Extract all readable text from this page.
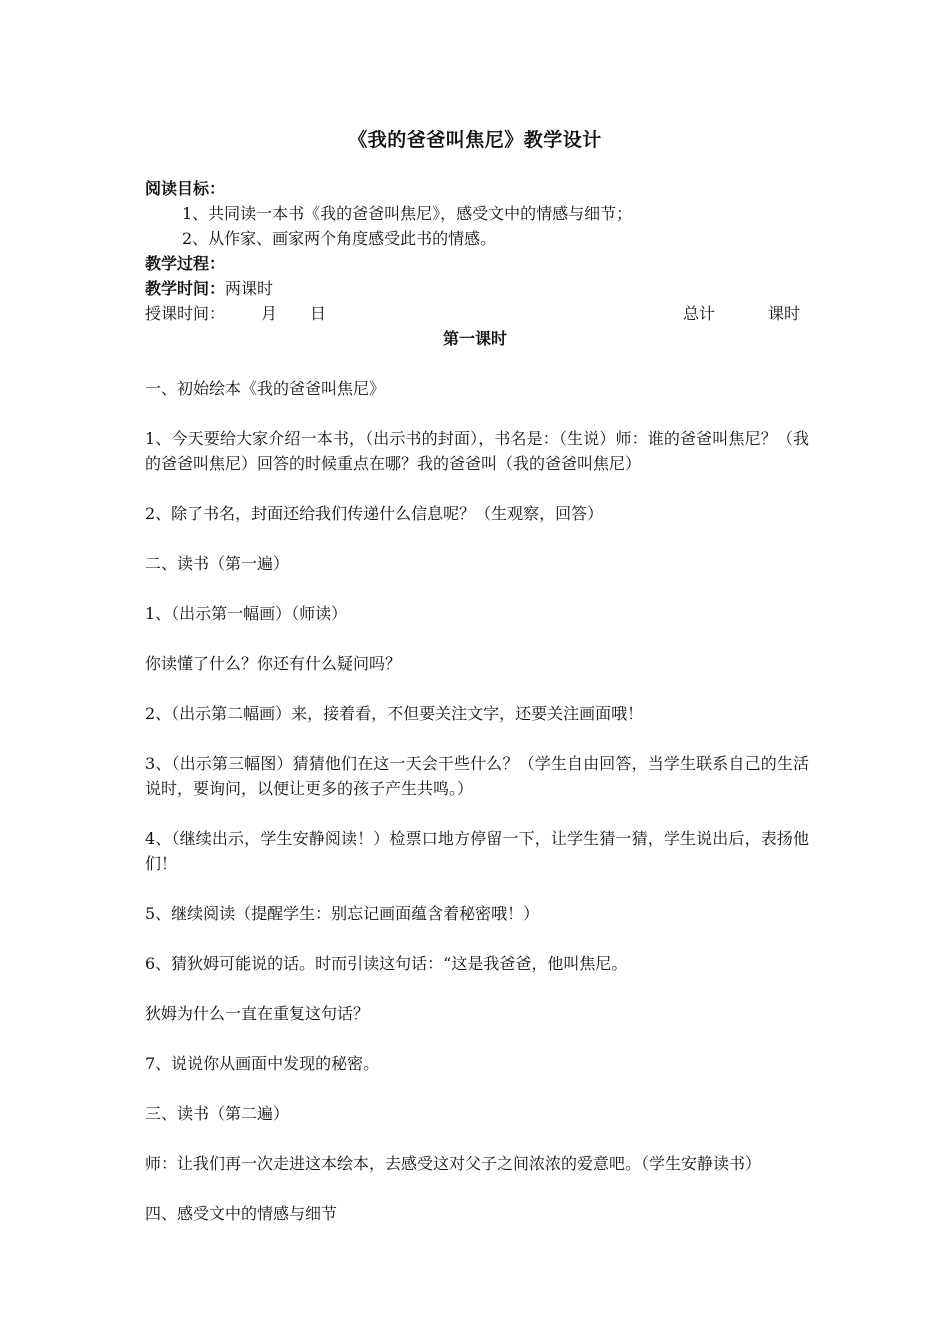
《我的爸爸叫焦尼》教学设计
阅读目标：
1、共同读一本书《我的爸爸叫焦尼》，感受文中的情感与细节；
2、从作家、画家两个角度感受此书的情感。
教学过程：
教学时间：两课时
授课时间： 月 日	总计	课时
第一课时
一、初始绘本《我的爸爸叫焦尼》
1、今天要给大家介绍一本书，（出示书的封面），书名是：（生说）师：谁的爸爸叫焦尼？（我的爸爸叫焦尼）回答的时候重点在哪？我的爸爸叫（我的爸爸叫焦尼）
2、除了书名，封面还给我们传递什么信息呢？（生观察，回答）
二、读书（第一遍）
1、（出示第一幅画）（师读）
你读懂了什么？你还有什么疑问吗？
2、（出示第二幅画）来，接着看，不但要关注文字，还要关注画面哦！
3、（出示第三幅图）猜猜他们在这一天会干些什么？（学生自由回答，当学生联系自己的生活说时，要询问，以便让更多的孩子产生共鸣。）
4、（继续出示，学生安静阅读！）检票口地方停留一下，让学生猜一猜，学生说出后，表扬他们！
5、继续阅读（提醒学生：别忘记画面蕴含着秘密哦！）
6、猜狄姆可能说的话。时而引读这句话：“这是我爸爸，他叫焦尼。
狄姆为什么一直在重复这句话？
7、说说你从画面中发现的秘密。
三、读书（第二遍）
师：让我们再一次走进这本绘本，去感受这对父子之间浓浓的爱意吧。（学生安静读书）
四、感受文中的情感与细节
